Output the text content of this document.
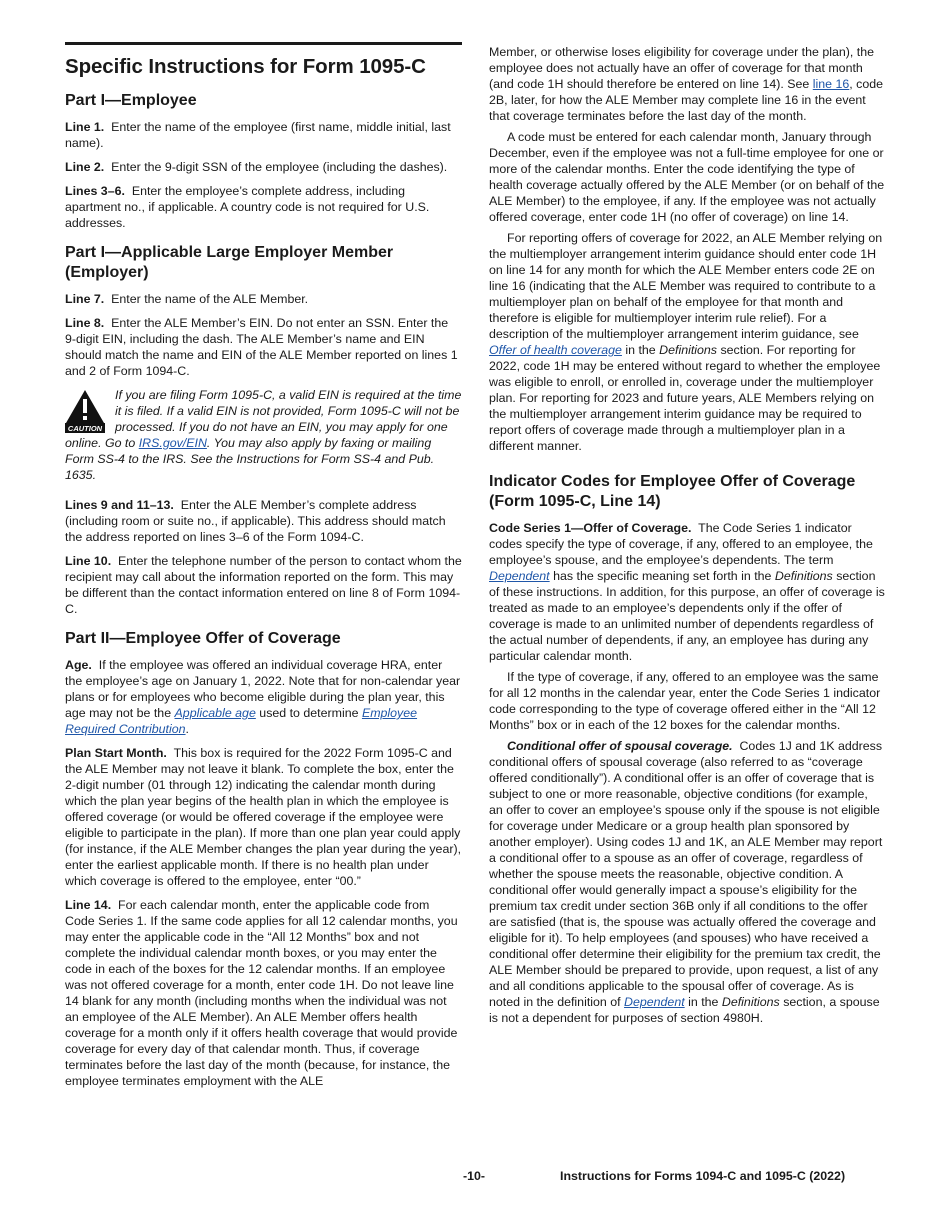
Specific Instructions for Form 1095-C
Part I—Employee

Line 1. Enter the name of the employee (first name, middle initial, last name).

Line 2. Enter the 9-digit SSN of the employee (including the dashes).

Lines 3–6. Enter the employee’s complete address, including apartment no., if applicable. A country code is not required for U.S. addresses.

Part I—Applicable Large Employer Member (Employer)

Line 7. Enter the name of the ALE Member.

Line 8. Enter the ALE Member’s EIN. Do not enter an SSN. Enter the 9-digit EIN, including the dash. The ALE Member’s name and EIN should match the name and EIN of the ALE Member reported on lines 1 and 2 of Form 1094-C.

CAUTION
If you are filing Form 1095-C, a valid EIN is required at the time it is filed. If a valid EIN is not provided, Form 1095-C will not be processed. If you do not have an EIN, you may apply for one online. Go to IRS.gov/EIN. You may also apply by faxing or mailing Form SS-4 to the IRS. See the Instructions for Form SS-4 and Pub. 1635.

Lines 9 and 11–13. Enter the ALE Member’s complete address (including room or suite no., if applicable). This address should match the address reported on lines 3–6 of the Form 1094-C.

Line 10. Enter the telephone number of the person to contact whom the recipient may call about the information reported on the form. This may be different than the contact information entered on line 8 of Form 1094-C.

Part II—Employee Offer of Coverage

Age. If the employee was offered an individual coverage HRA, enter the employee’s age on January 1, 2022. Note that for non-calendar year plans or for employees who become eligible during the plan year, this age may not be the Applicable age used to determine Employee Required Contribution.

Plan Start Month. This box is required for the 2022 Form 1095-C and the ALE Member may not leave it blank. To complete the box, enter the 2-digit number (01 through 12) indicating the calendar month during which the plan year begins of the health plan in which the employee is offered coverage (or would be offered coverage if the employee were eligible to participate in the plan). If more than one plan year could apply (for instance, if the ALE Member changes the plan year during the year), enter the earliest applicable month. If there is no health plan under which coverage is offered to the employee, enter “00.”

Line 14. For each calendar month, enter the applicable code from Code Series 1. If the same code applies for all 12 calendar months, you may enter the applicable code in the “All 12 Months” box and not complete the individual calendar month boxes, or you may enter the code in each of the boxes for the 12 calendar months. If an employee was not offered coverage for a month, enter code 1H. Do not leave line 14 blank for any month (including months when the individual was not an employee of the ALE Member). An ALE Member offers health coverage for a month only if it offers health coverage that would provide coverage for every day of that calendar month. Thus, if coverage terminates before the last day of the month (because, for instance, the employee terminates employment with the ALE

Member, or otherwise loses eligibility for coverage under the plan), the employee does not actually have an offer of coverage for that month (and code 1H should therefore be entered on line 14). See line 16, code 2B, later, for how the ALE Member may complete line 16 in the event that coverage terminates before the last day of the month.

A code must be entered for each calendar month, January through December, even if the employee was not a full-time employee for one or more of the calendar months. Enter the code identifying the type of health coverage actually offered by the ALE Member (or on behalf of the ALE Member) to the employee, if any. If the employee was not actually offered coverage, enter code 1H (no offer of coverage) on line 14.

For reporting offers of coverage for 2022, an ALE Member relying on the multiemployer arrangement interim guidance should enter code 1H on line 14 for any month for which the ALE Member enters code 2E on line 16 (indicating that the ALE Member was required to contribute to a multiemployer plan on behalf of the employee for that month and therefore is eligible for multiemployer interim rule relief). For a description of the multiemployer arrangement interim guidance, see Offer of health coverage in the Definitions section. For reporting for 2022, code 1H may be entered without regard to whether the employee was eligible to enroll, or enrolled in, coverage under the multiemployer plan. For reporting for 2023 and future years, ALE Members relying on the multiemployer arrangement interim guidance may be required to report offers of coverage made through a multiemployer plan in a different manner.

Indicator Codes for Employee Offer of Coverage (Form 1095-C, Line 14)

Code Series 1—Offer of Coverage. The Code Series 1 indicator codes specify the type of coverage, if any, offered to an employee, the employee’s spouse, and the employee’s dependents. The term Dependent has the specific meaning set forth in the Definitions section of these instructions. In addition, for this purpose, an offer of coverage is treated as made to an employee’s dependents only if the offer of coverage is made to an unlimited number of dependents regardless of the actual number of dependents, if any, an employee has during any particular calendar month.

If the type of coverage, if any, offered to an employee was the same for all 12 months in the calendar year, enter the Code Series 1 indicator code corresponding to the type of coverage offered either in the “All 12 Months” box or in each of the 12 boxes for the calendar months.

Conditional offer of spousal coverage. Codes 1J and 1K address conditional offers of spousal coverage (also referred to as “coverage offered conditionally”). A conditional offer is an offer of coverage that is subject to one or more reasonable, objective conditions (for example, an offer to cover an employee’s spouse only if the spouse is not eligible for coverage under Medicare or a group health plan sponsored by another employer). Using codes 1J and 1K, an ALE Member may report a conditional offer to a spouse as an offer of coverage, regardless of whether the spouse meets the reasonable, objective condition. A conditional offer would generally impact a spouse’s eligibility for the premium tax credit under section 36B only if all conditions to the offer are satisfied (that is, the spouse was actually offered the coverage and eligible for it). To help employees (and spouses) who have received a conditional offer determine their eligibility for the premium tax credit, the ALE Member should be prepared to provide, upon request, a list of any and all conditions applicable to the spousal offer of coverage. As is noted in the definition of Dependent in the Definitions section, a spouse is not a dependent for purposes of section 4980H.

-10-	Instructions for Forms 1094-C and 1095-C (2022)
